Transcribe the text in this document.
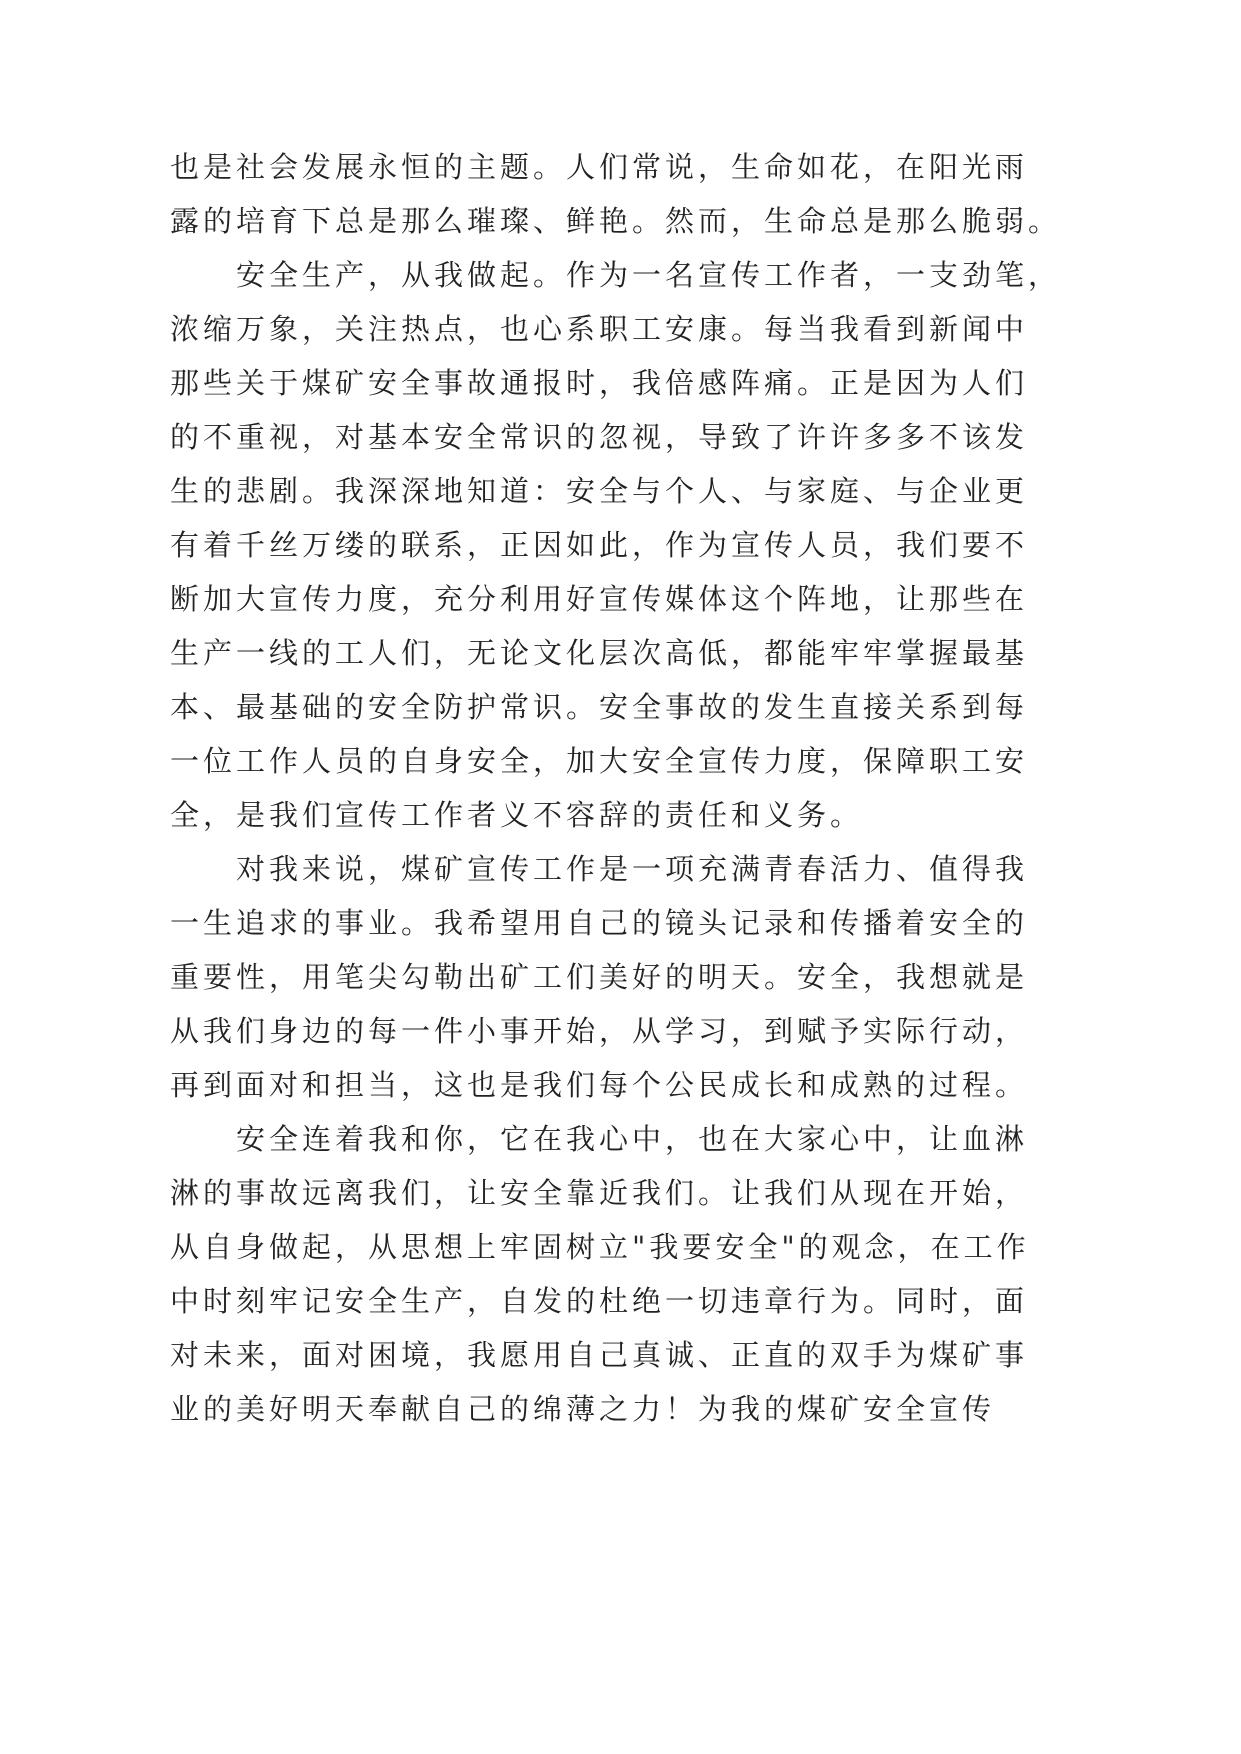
也是社会发展永恒的主题。人们常说，生命如花，在阳光雨
露的培育下总是那么璀璨、鲜艳。然而，生命总是那么脆弱。
安全生产，从我做起。作为一名宣传工作者，一支劲笔，
浓缩万象，关注热点，也心系职工安康。每当我看到新闻中
那些关于煤矿安全事故通报时，我倍感阵痛。正是因为人们
的不重视，对基本安全常识的忽视，导致了许许多多不该发
生的悲剧。我深深地知道：安全与个人、与家庭、与企业更
有着千丝万缕的联系，正因如此，作为宣传人员，我们要不
断加大宣传力度，充分利用好宣传媒体这个阵地，让那些在
生产一线的工人们，无论文化层次高低，都能牢牢掌握最基
本、最基础的安全防护常识。安全事故的发生直接关系到每
一位工作人员的自身安全，加大安全宣传力度，保障职工安
全，是我们宣传工作者义不容辞的责任和义务。
对我来说，煤矿宣传工作是一项充满青春活力、值得我
一生追求的事业。我希望用自己的镜头记录和传播着安全的
重要性，用笔尖勾勒出矿工们美好的明天。安全，我想就是
从我们身边的每一件小事开始，从学习，到赋予实际行动，
再到面对和担当，这也是我们每个公民成长和成熟的过程。
安全连着我和你，它在我心中，也在大家心中，让血淋
淋的事故远离我们，让安全靠近我们。让我们从现在开始，
从自身做起，从思想上牢固树立"我要安全"的观念，在工作
中时刻牢记安全生产，自发的杜绝一切违章行为。同时，面
对未来，面对困境，我愿用自己真诚、正直的双手为煤矿事
业的美好明天奉献自己的绵薄之力！为我的煤矿安全宣传
